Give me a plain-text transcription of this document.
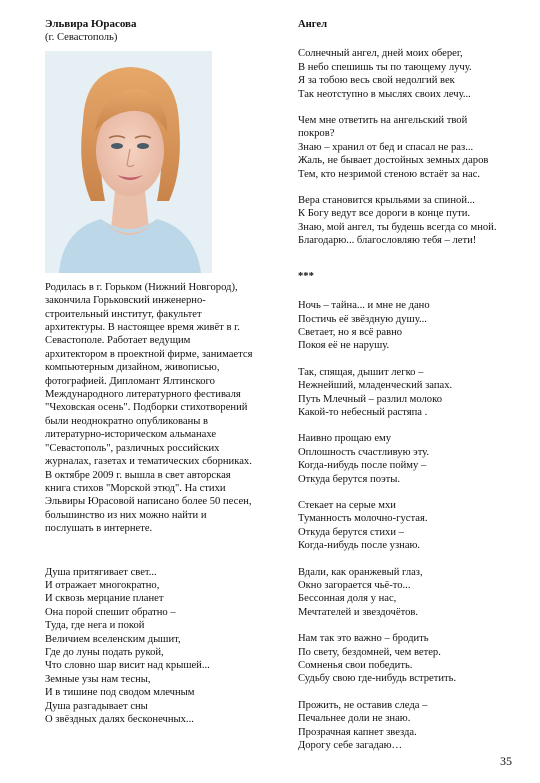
Эльвира Юрасова
(г. Севастополь)
Родилась в г. Горьком (Нижний Новгород),
закончила Горьковский инженерно-
строительный институт, факультет
архитектуры. В настоящее время живёт в г.
Севастополе. Работает ведущим
архитектором в проектной фирме, занимается
компьютерным дизайном, живописью,
фотографией. Дипломант Ялтинского
Международного литературного фестиваля
"Чеховская осень". Подборки стихотворений
были неоднократно опубликованы в
литературно-историческом альманахе
"Севастополь", различных российских
журналах, газетах и тематических сборниках.
В октябре 2009 г. вышла в свет авторская
книга стихов "Морской этюд". На стихи
Эльвиры Юрасовой написано более 50 песен,
большинство из них можно найти и
послушать в интернете.
Душа притягивает свет...
И отражает многократно,
И сквозь мерцание планет
Она порой спешит обратно –
Туда, где нега и покой
Величием вселенским дышит,
Где до луны подать рукой,
Что словно шар висит над крышей...
Земные узы нам тесны,
И в тишине под сводом млечным
Душа разгадывает сны
О звёздных далях бесконечных...
Ангел
Солнечный ангел, дней моих оберег,
В небо спешишь ты по тающему лучу.
Я за тобою весь свой недолгий век
Так неотступно в мыслях своих лечу...
Чем мне ответить на ангельский твой
покров?
Знаю – хранил от бед и спасал не раз...
Жаль, не бывает достойных земных даров
Тем, кто незримой стеною встаёт за нас.
Вера становится крыльями за спиной...
К Богу ведут все дороги в конце пути.
Знаю, мой ангел, ты будешь всегда со мной.
Благодарю... благословляю тебя – лети!
***
Ночь – тайна... и мне не дано
Постичь её звёздную душу...
Светает, но я всё равно
Покоя её не нарушу.
Так, спящая, дышит легко –
Нежнейший, младенческий запах.
Путь Млечный – разлил молоко
Какой-то небесный растяпа .
Наивно прощаю ему
Оплошность счастливую эту.
Когда-нибудь после пойму –
Откуда берутся поэты.
Стекает на серые мхи
Туманность молочно-густая.
Откуда берутся стихи –
Когда-нибудь после узнаю.
Вдали, как оранжевый глаз,
Окно загорается чьё-то...
Бессонная доля у нас,
Мечтателей и звездочётов.
Нам так это важно – бродить
По свету, бездомней, чем ветер.
Сомненья свои победить.
Судьбу свою где-нибудь встретить.
Прожить, не оставив следа –
Печальнее доли не знаю.
Прозрачная капнет звезда.
Дорогу себе загадаю…
35
